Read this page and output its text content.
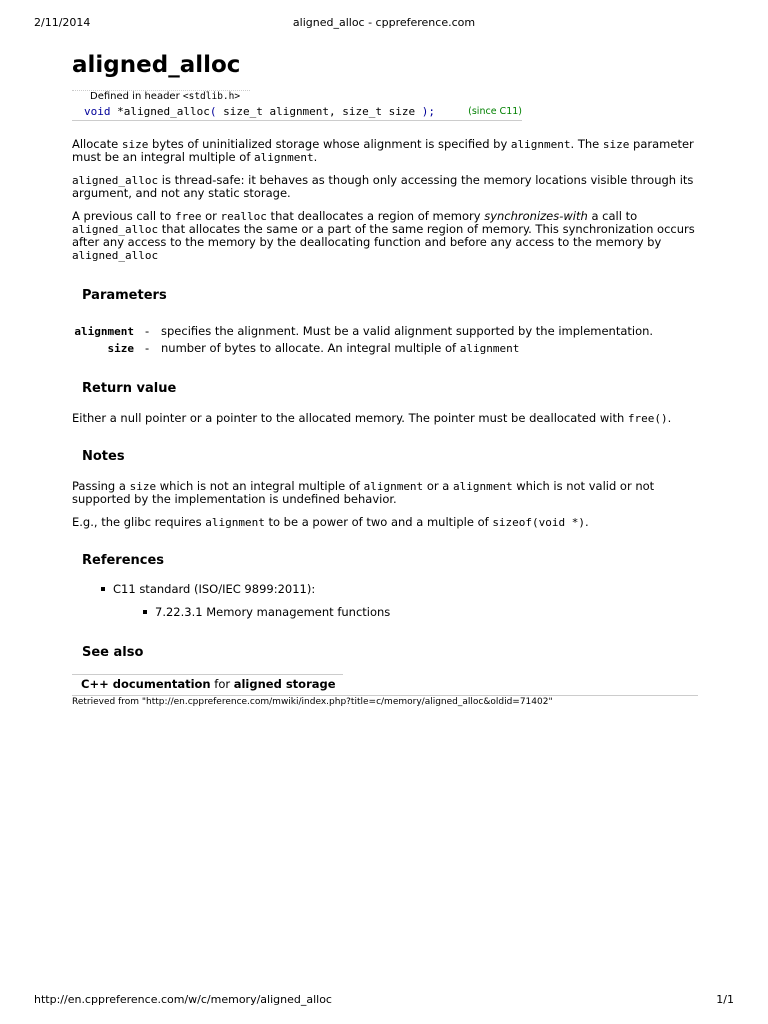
2/11/2014	aligned_alloc - cppreference.com
aligned_alloc
Defined in header <stdlib.h>
void *aligned_alloc( size_t alignment, size_t size );	(since C11)

Allocate size bytes of uninitialized storage whose alignment is specified by alignment. The size parameter must be an integral multiple of alignment.

aligned_alloc is thread-safe: it behaves as though only accessing the memory locations visible through its argument, and not any static storage.

A previous call to free or realloc that deallocates a region of memory synchronizes-with a call to aligned_alloc that allocates the same or a part of the same region of memory. This synchronization occurs after any access to the memory by the deallocating function and before any access to the memory by aligned_alloc

Parameters
alignment - specifies the alignment. Must be a valid alignment supported by the implementation.
size - number of bytes to allocate. An integral multiple of alignment
Return value

Either a null pointer or a pointer to the allocated memory. The pointer must be deallocated with free().

Notes

Passing a size which is not an integral multiple of alignment or a alignment which is not valid or not supported by the implementation is undefined behavior.

E.g., the glibc requires alignment to be a power of two and a multiple of sizeof(void *).

References
C11 standard (ISO/IEC 9899:2011):
7.22.3.1 Memory management functions
See also
C++ documentation for aligned storage
Retrieved from "http://en.cppreference.com/mwiki/index.php?title=c/memory/aligned_alloc&oldid=71402"
http://en.cppreference.com/w/c/memory/aligned_alloc	1/1
